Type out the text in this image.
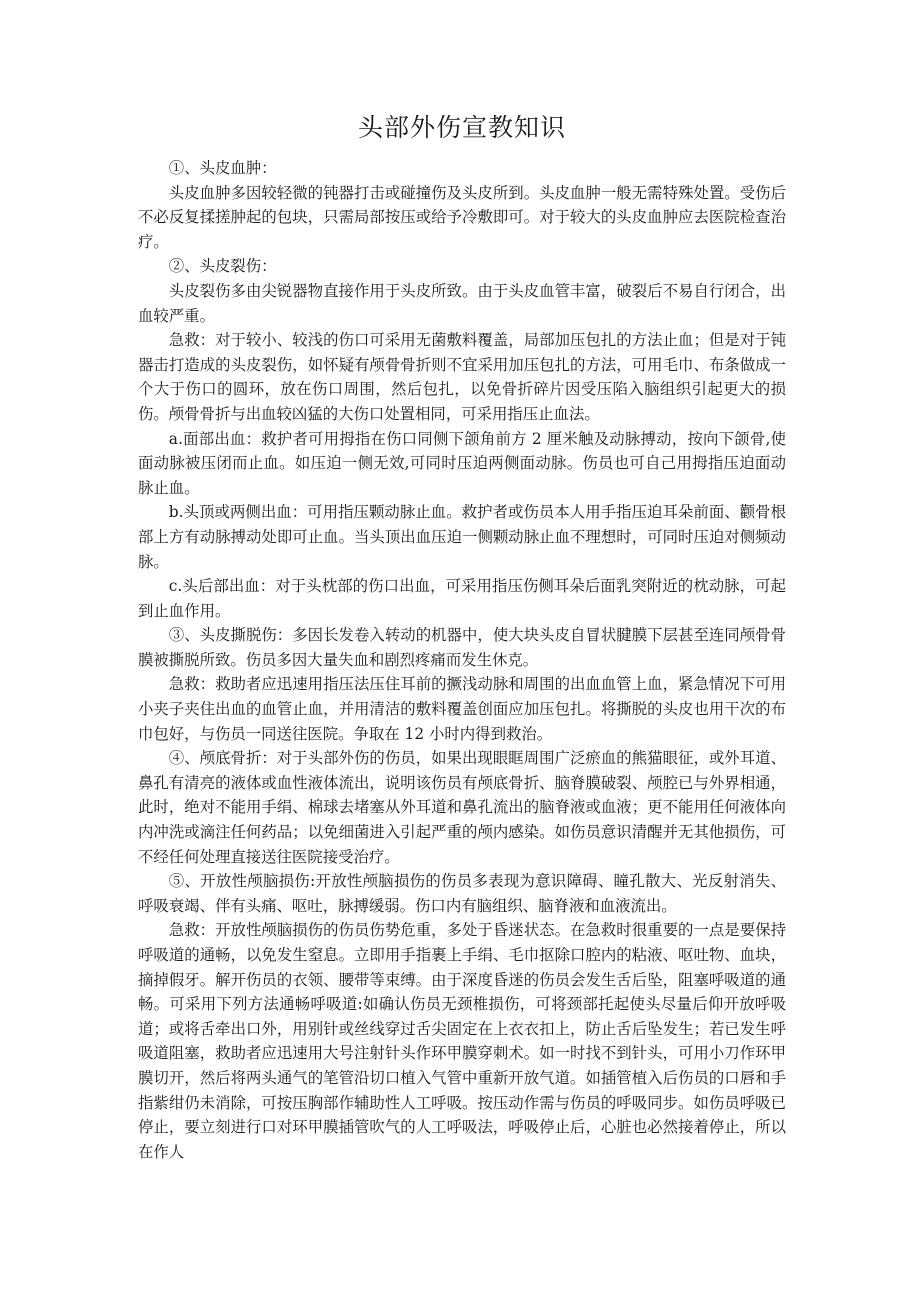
头部外伤宣教知识

①、头皮血肿：

头皮血肿多因较轻微的钝器打击或碰撞伤及头皮所到。头皮血肿一般无需特殊处置。受伤后不必反复揉搓肿起的包块，只需局部按压或给予冷敷即可。对于较大的头皮血肿应去医院检查治疗。

②、头皮裂伤：

头皮裂伤多由尖锐器物直接作用于头皮所致。由于头皮血管丰富，破裂后不易自行闭合，出血较严重。

急救：对于较小、较浅的伤口可采用无菌敷料覆盖，局部加压包扎的方法止血；但是对于钝器击打造成的头皮裂伤，如怀疑有颅骨骨折则不宜采用加压包扎的方法，可用毛巾、布条做成一个大于伤口的圆环，放在伤口周围，然后包扎，以免骨折碎片因受压陷入脑组织引起更大的损伤。颅骨骨折与出血较凶猛的大伤口处置相同，可采用指压止血法。

a.面部出血：救护者可用拇指在伤口同侧下颌角前方 2 厘米触及动脉搏动，按向下颌骨,使面动脉被压闭而止血。如压迫一侧无效,可同时压迫两侧面动脉。伤员也可自己用拇指压迫面动脉止血。

b.头顶或两侧出血：可用指压颗动脉止血。救护者或伤员本人用手指压迫耳朵前面、颧骨根部上方有动脉搏动处即可止血。当头顶出血压迫一侧颗动脉止血不理想时，可同时压迫对侧频动脉。

c.头后部出血：对于头枕部的伤口出血，可采用指压伤侧耳朵后面乳突附近的枕动脉，可起到止血作用。

③、头皮撕脱伤：多因长发卷入转动的机器中，使大块头皮自冒状腱膜下层甚至连同颅骨骨膜被撕脱所致。伤员多因大量失血和剧烈疼痛而发生休克。

急救：救助者应迅速用指压法压住耳前的撅浅动脉和周围的出血血管上血，紧急情况下可用小夹子夹住出血的血管止血，并用清洁的敷料覆盖创面应加压包扎。将撕脱的头皮也用干次的布巾包好，与伤员一同送往医院。争取在 12 小时内得到救治。

④、颅底骨折：对于头部外伤的伤员，如果出现眼眶周围广泛瘀血的熊猫眼征，或外耳道、鼻孔有清亮的液体或血性液体流出，说明该伤员有颅底骨折、脑脊膜破裂、颅腔已与外界相通，此时，绝对不能用手绢、棉球去堵塞从外耳道和鼻孔流出的脑脊液或血液；更不能用任何液体向内冲洗或滴注任何药品；以免细菌进入引起严重的颅内感染。如伤员意识清醒并无其他损伤，可不经任何处理直接送往医院接受治疗。

⑤、开放性颅脑损伤:开放性颅脑损伤的伤员多表现为意识障碍、瞳孔散大、光反射消失、呼吸衰竭、伴有头痛、呕吐，脉搏缓弱。伤口内有脑组织、脑脊液和血液流出。

急救：开放性颅脑损伤的伤员伤势危重，多处于昏迷状态。在急救时很重要的一点是要保持呼吸道的通畅，以免发生窒息。立即用手指裹上手绢、毛巾抠除口腔内的粘液、呕吐物、血块，摘掉假牙。解开伤员的衣领、腰带等束缚。由于深度昏迷的伤员会发生舌后坠，阻塞呼吸道的通畅。可采用下列方法通畅呼吸道:如确认伤员无颈椎损伤，可将颈部托起使头尽量后仰开放呼吸道；或将舌牵出口外，用别针或丝线穿过舌尖固定在上衣衣扣上，防止舌后坠发生；若已发生呼吸道阻塞，救助者应迅速用大号注射针头作环甲膜穿刺术。如一时找不到针头，可用小刀作环甲膜切开，然后将两头通气的笔管沿切口植入气管中重新开放气道。如插管植入后伤员的口唇和手指紫绀仍未消除，可按压胸部作辅助性人工呼吸。按压动作需与伤员的呼吸同步。如伤员呼吸已停止，要立刻进行口对环甲膜插管吹气的人工呼吸法，呼吸停止后，心脏也必然接着停止，所以在作人
